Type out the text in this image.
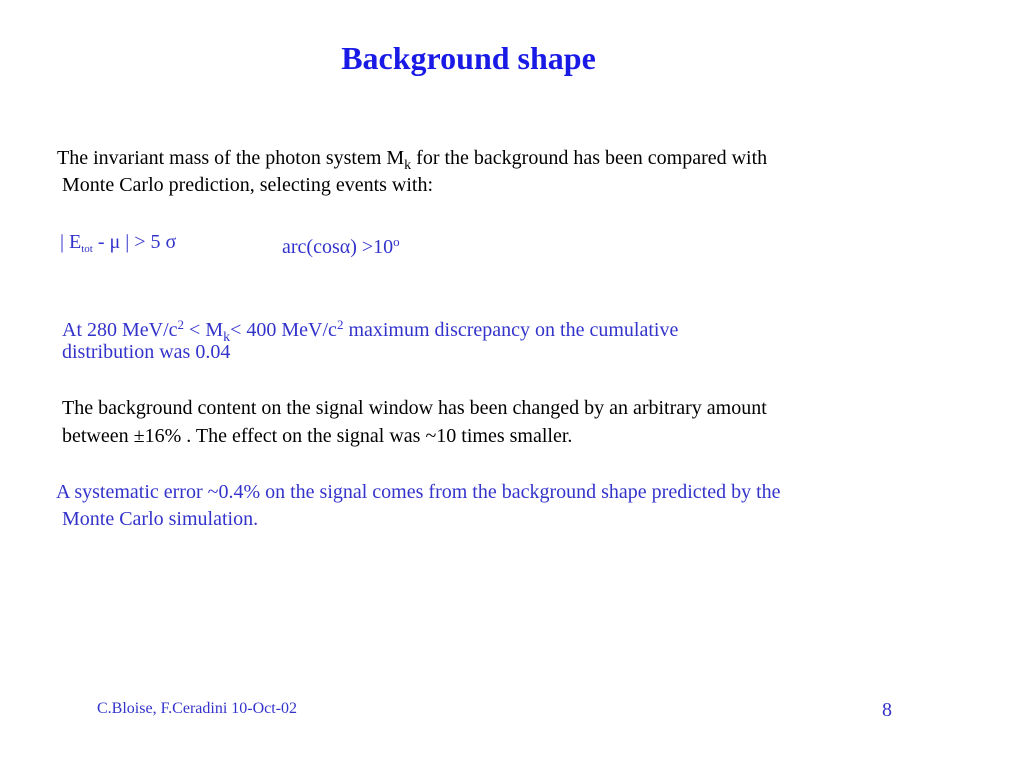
Background shape
The invariant mass of the photon system $M_k$ for the background has been compared with
Monte Carlo prediction, selecting events with:
| $E_{tot}$ - μ | > 5 σ	$arc(\cos\alpha) >10^o$
At 280 MeV/$c^2 < M_k< 400$ MeV/$c^2$ maximum discrepancy on the cumulative
distribution was 0.04
The background content on the signal window has been changed by an arbitrary amount
between ±16% . The effect on the signal was ~10 times smaller.
A systematic error ~0.4% on the signal comes from the background shape predicted by the
Monte Carlo simulation.
C.Bloise, F.Ceradini 10-Oct-02	8
